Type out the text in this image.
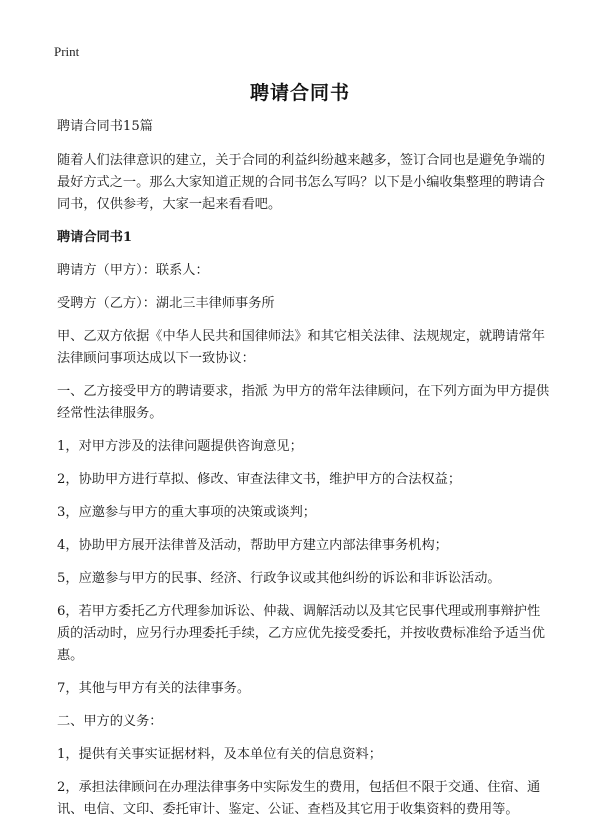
Print
聘请合同书

聘请合同书15篇

随着人们法律意识的建立，关于合同的利益纠纷越来越多，签订合同也是避免争端的最好方式之一。那么大家知道正规的合同书怎么写吗？以下是小编收集整理的聘请合同书，仅供参考，大家一起来看看吧。

聘请合同书1

聘请方（甲方）：联系人：

受聘方（乙方）：湖北三丰律师事务所

甲、乙双方依据《中华人民共和国律师法》和其它相关法律、法规规定，就聘请常年法律顾问事项达成以下一致协议：

一、乙方接受甲方的聘请要求，指派 为甲方的常年法律顾问，在下列方面为甲方提供经常性法律服务。

1，对甲方涉及的法律问题提供咨询意见；

2，协助甲方进行草拟、修改、审查法律文书，维护甲方的合法权益；

3，应邀参与甲方的重大事项的决策或谈判；

4，协助甲方展开法律普及活动，帮助甲方建立内部法律事务机构；

5，应邀参与甲方的民事、经济、行政争议或其他纠纷的诉讼和非诉讼活动。

6，若甲方委托乙方代理参加诉讼、仲裁、调解活动以及其它民事代理或刑事辩护性质的活动时，应另行办理委托手续，乙方应优先接受委托，并按收费标准给予适当优惠。

7，其他与甲方有关的法律事务。

二、甲方的义务：

1，提供有关事实证据材料，及本单位有关的信息资料；

2，承担法律顾问在办理法律事务中实际发生的费用，包括但不限于交通、住宿、通讯、电信、文印、委托审计、鉴定、公证、查档及其它用于收集资料的费用等。
